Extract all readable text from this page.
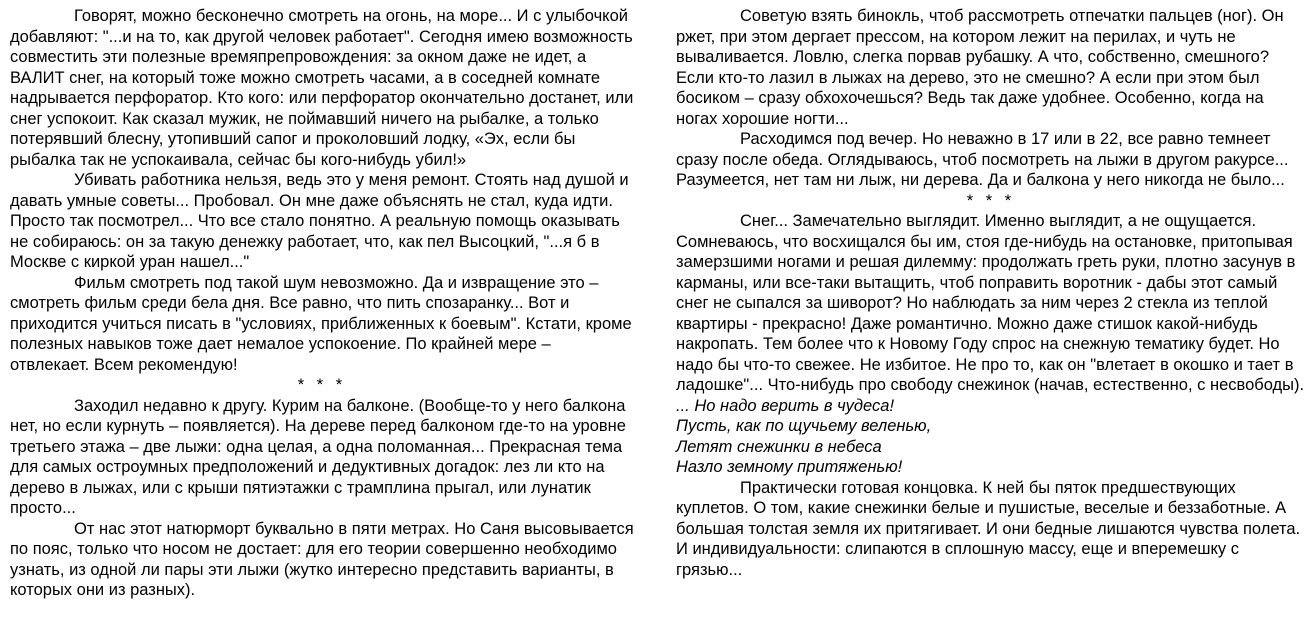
Говорят, можно бесконечно смотреть на огонь, на море... И с улыбочкой добавляют: "...и на то, как другой человек работает". Сегодня имею возможность совместить эти полезные времяпрепровождения: за окном даже не идет, а ВАЛИТ снег, на который тоже можно смотреть часами, а в соседней комнате надрывается перфоратор. Кто кого: или перфоратор окончательно достанет, или снег успокоит. Как сказал мужик, не поймавший ничего на рыбалке, а только потерявший блесну, утопивший сапог и проколовший лодку, «Эх, если бы рыбалка так не успокаивала, сейчас бы кого-нибудь убил!»

Убивать работника нельзя, ведь это у меня ремонт. Стоять над душой и давать умные советы... Пробовал. Он мне даже объяснять не стал, куда идти. Просто так посмотрел... Что все стало понятно. А реальную помощь оказывать не собираюсь: он за такую денежку работает, что, как пел Высоцкий, "...я б в Москве с киркой уран нашел..."

Фильм смотреть под такой шум невозможно. Да и извращение это – смотреть фильм среди бела дня. Все равно, что пить спозаранку... Вот и приходится учиться писать в "условиях, приближенных к боевым". Кстати, кроме полезных навыков тоже дает немалое успокоение. По крайней мере – отвлекает. Всем рекомендую!

* * *

Заходил недавно к другу. Курим на балконе. (Вообще-то у него балкона нет, но если курнуть – появляется). На дереве перед балконом где-то на уровне третьего этажа – две лыжи: одна целая, а одна поломанная... Прекрасная тема для самых остроумных предположений и дедуктивных догадок: лез ли кто на дерево в лыжах, или с крыши пятиэтажки с трамплина прыгал, или лунатик просто...

От нас этот натюрморт буквально в пяти метрах. Но Саня высовывается по пояс, только что носом не достает: для его теории совершенно необходимо узнать, из одной ли пары эти лыжи (жутко интересно представить варианты, в которых они из разных).

Советую взять бинокль, чтоб рассмотреть отпечатки пальцев (ног). Он ржет, при этом дергает прессом, на котором лежит на перилах, и чуть не вываливается. Ловлю, слегка порвав рубашку. А что, собственно, смешного? Если кто-то лазил в лыжах на дерево, это не смешно? А если при этом был босиком – сразу обхохочешься? Ведь так даже удобнее. Особенно, когда на ногах хорошие ногти...

Расходимся под вечер. Но неважно в 17 или в 22, все равно темнеет сразу после обеда. Оглядываюсь, чтоб посмотреть на лыжи в другом ракурсе... Разумеется, нет там ни лыж, ни дерева. Да и балкона у него никогда не было...

* * *

Снег... Замечательно выглядит. Именно выглядит, а не ощущается. Сомневаюсь, что восхищался бы им, стоя где-нибудь на остановке, притопывая замерзшими ногами и решая дилемму: продолжать греть руки, плотно засунув в карманы, или все-таки вытащить, чтоб поправить воротник - дабы этот самый снег не сыпался за шиворот? Но наблюдать за ним через 2 стекла из теплой квартиры - прекрасно! Даже романтично. Можно даже стишок какой-нибудь накропать. Тем более что к Новому Году спрос на снежную тематику будет. Но надо бы что-то свежее. Не избитое. Не про то, как он "влетает в окошко и тает в ладошке"... Что-нибудь про свободу снежинок (начав, естественно, с несвободы).

... Но надо верить в чудеса!

Пусть, как по щучьему веленью,

Летят снежинки в небеса

Назло земному притяженью!

Практически готовая концовка. К ней бы пяток предшествующих куплетов. О том, какие снежинки белые и пушистые, веселые и беззаботные. А большая толстая земля их притягивает. И они бедные лишаются чувства полета. И индивидуальности: слипаются в сплошную массу, еще и вперемешку с грязью...
